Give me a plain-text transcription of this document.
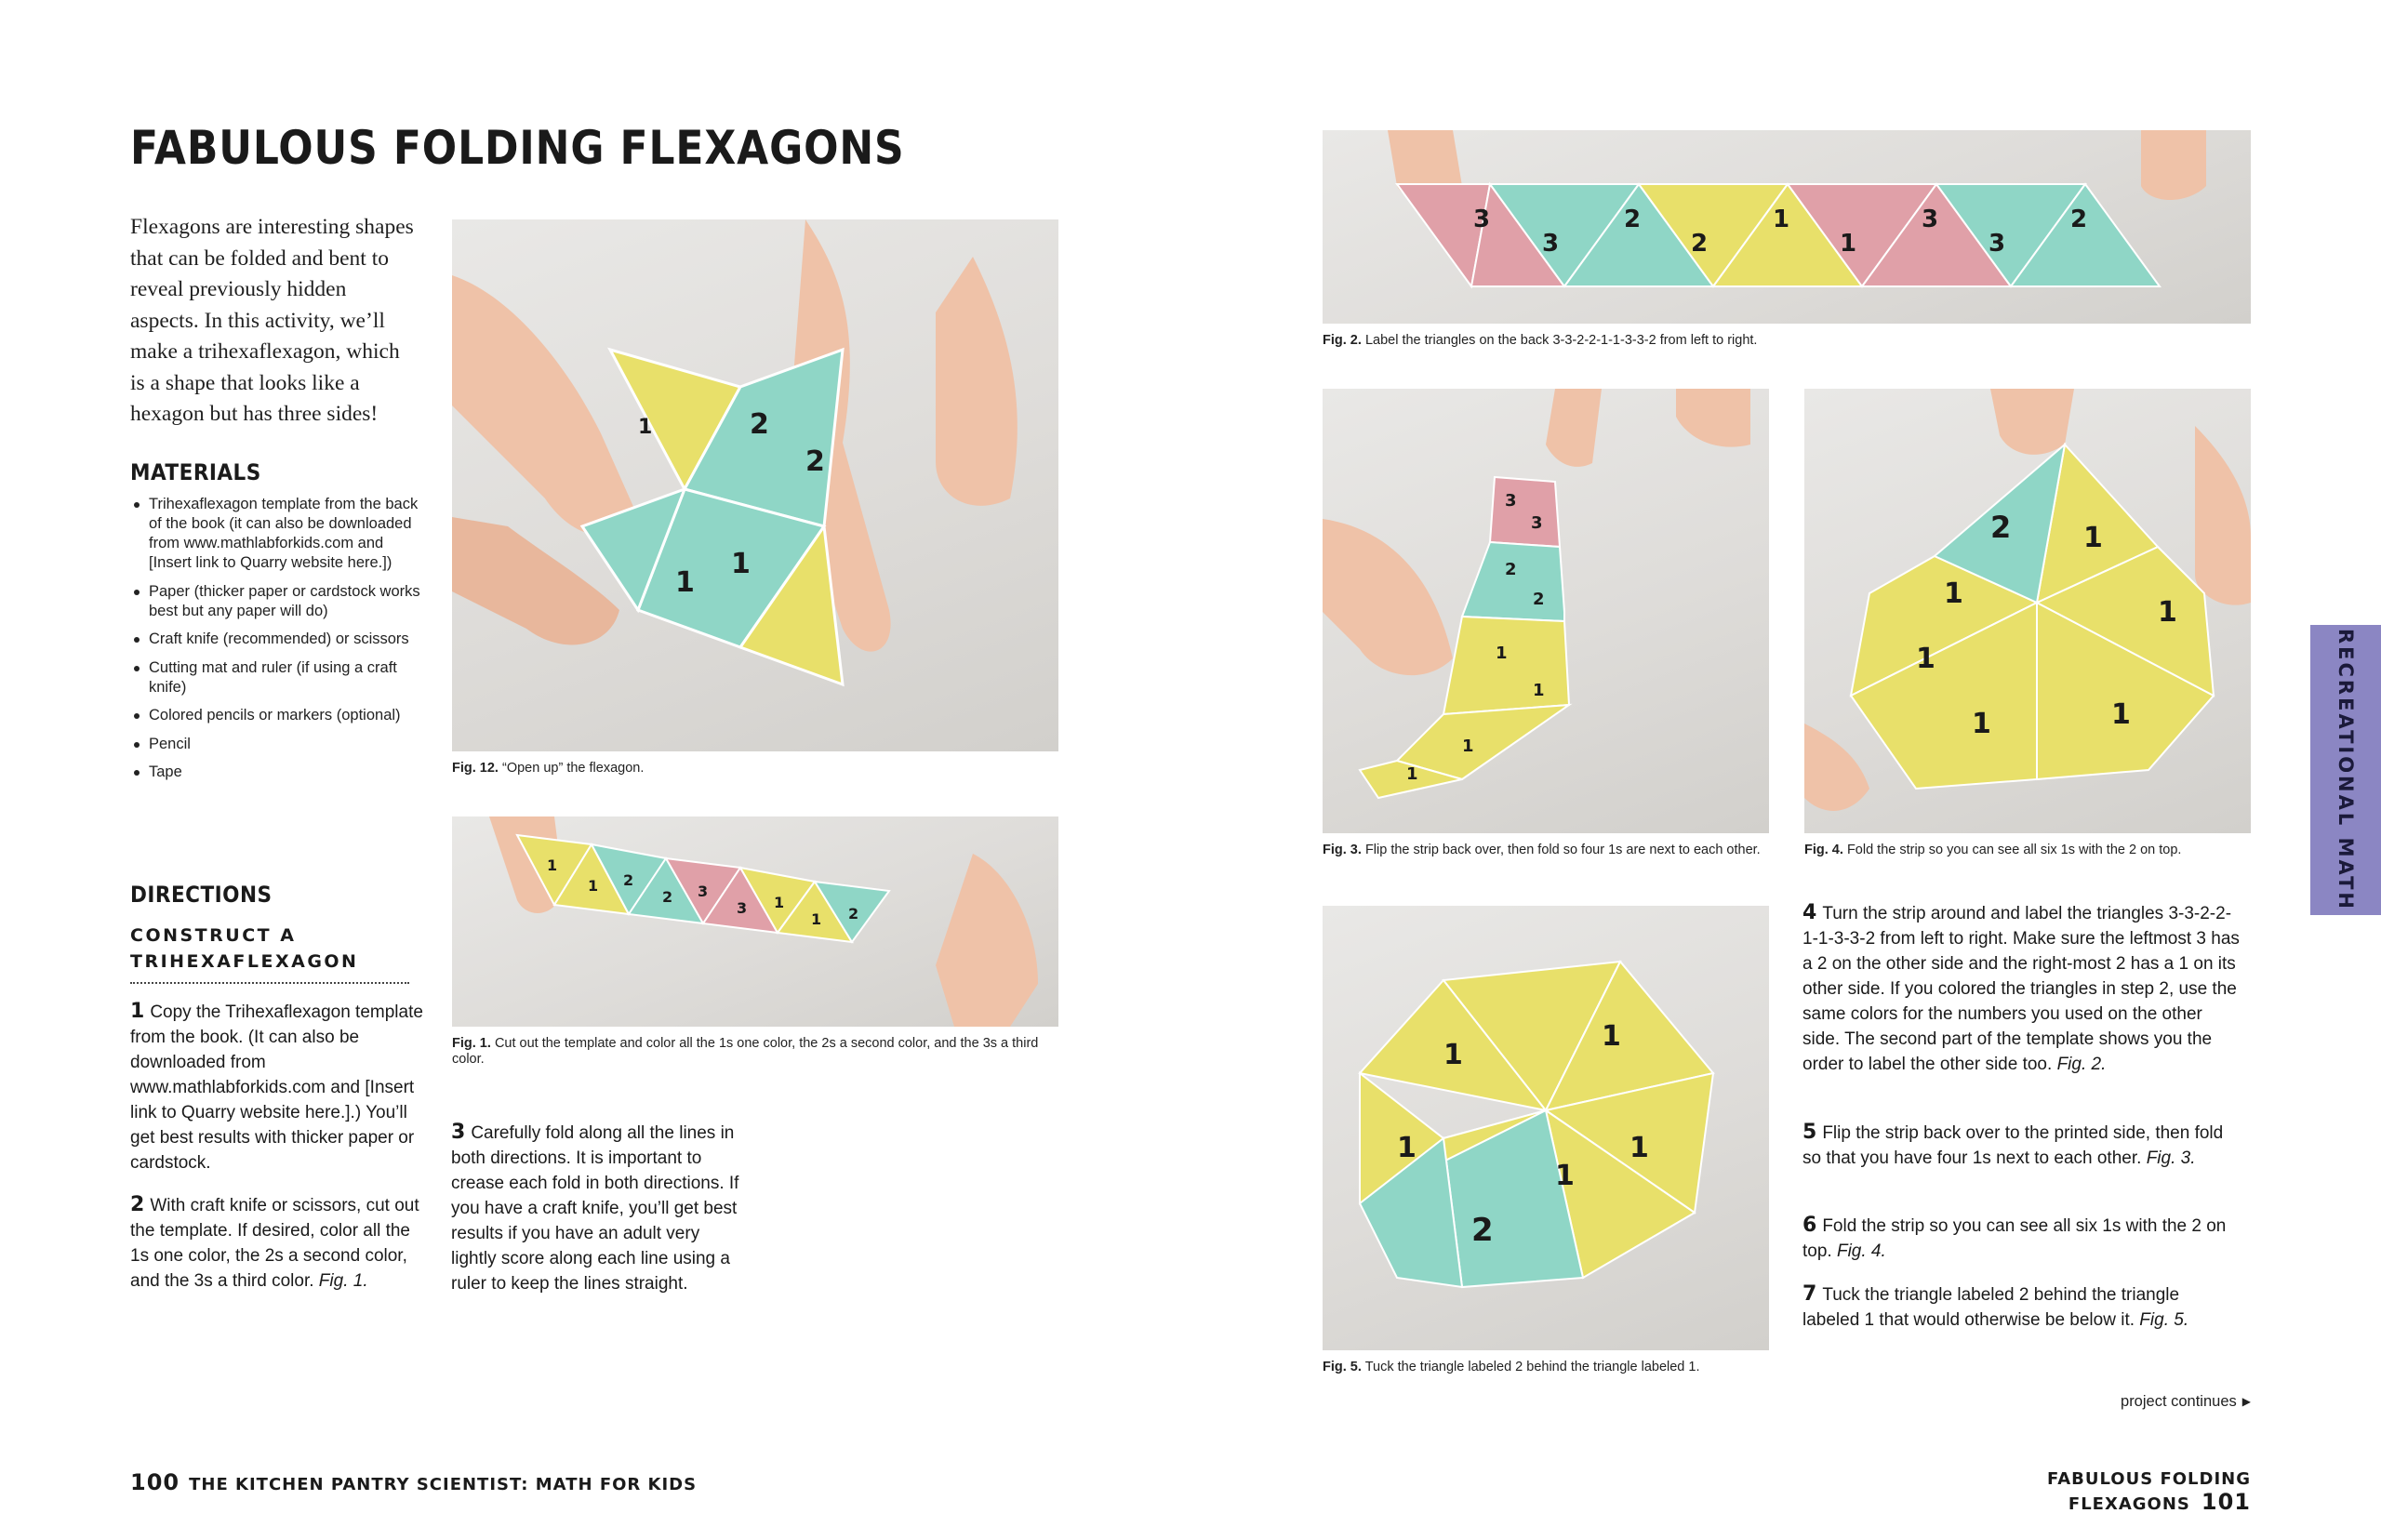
FABULOUS FOLDING FLEXAGONS

Flexagons are interesting shapes that can be folded and bent to reveal previously hidden aspects. In this activity, we’ll make a trihexaflexagon, which is a shape that looks like a hexagon but has three sides!

MATERIALS
Trihexaflexagon template from the back of the book (it can also be downloaded from www.mathlabforkids.com and [Insert link to Quarry website here.])
Paper (thicker paper or cardstock works best but any paper will do)
Craft knife (recommended) or scissors
Cutting mat and ruler (if using a craft knife)
Colored pencils or markers (optional)
Pencil
Tape
DIRECTIONS
CONSTRUCT A TRIHEXAFLEXAGON

1 Copy the Trihexaflexagon template from the book. (It can also be downloaded from www.mathlabforkids.com and [Insert link to Quarry website here.].) You’ll get best results with thicker paper or cardstock.

2 With craft knife or scissors, cut out the template. If desired, color all the 1s one color, the 2s a second color, and the 3s a third color. Fig. 1.

3 Carefully fold along all the lines in both directions. It is important to crease each fold in both directions. If you have a craft knife, you’ll get best results if you have an adult very lightly score along each line using a ruler to keep the lines straight.

4 Turn the strip around and label the triangles 3-3-2-2-1-1-3-3-2 from left to right. Make sure the leftmost 3 has a 2 on the other side and the right-most 2 has a 1 on its other side. If you colored the triangles in step 2, use the same colors for the numbers you used on the other side. The second part of the template shows you the order to label the other side too. Fig. 2.

5 Flip the strip back over to the printed side, then fold so that you have four 1s next to each other. Fig. 3.

6 Fold the strip so you can see all six 1s with the 2 on top. Fig. 4.

7 Tuck the triangle labeled 2 behind the triangle labeled 1 that would otherwise be below it. Fig. 5.

2
2
1
1
1

Fig. 12. “Open up” the flexagon.

1
1 2
2 3
3 1
1 2

Fig. 1. Cut out the template and color all the 1s one color, the 2s a second color, and the 3s a third color.

3
3
2
2
1
1
3
3
2

Fig. 2. Label the triangles on the back 3-3-2-2-1-1-3-3-2 from left to right.

3
3
2
2
1
1
1
1

Fig. 3. Flip the strip back over, then fold so four 1s are next to each other.

2	1
1
1
1
1
1

Fig. 4. Fold the strip so you can see all six 1s with the 2 on top.

1
1
1
1
1
2

Fig. 5. Tuck the triangle labeled 2 behind the triangle labeled 1.

RECREATIONAL MATH

project continues ▶

100 THE KITCHEN PANTRY SCIENTIST: MATH FOR KIDS	FABULOUS FOLDING FLEXAGONS 101
